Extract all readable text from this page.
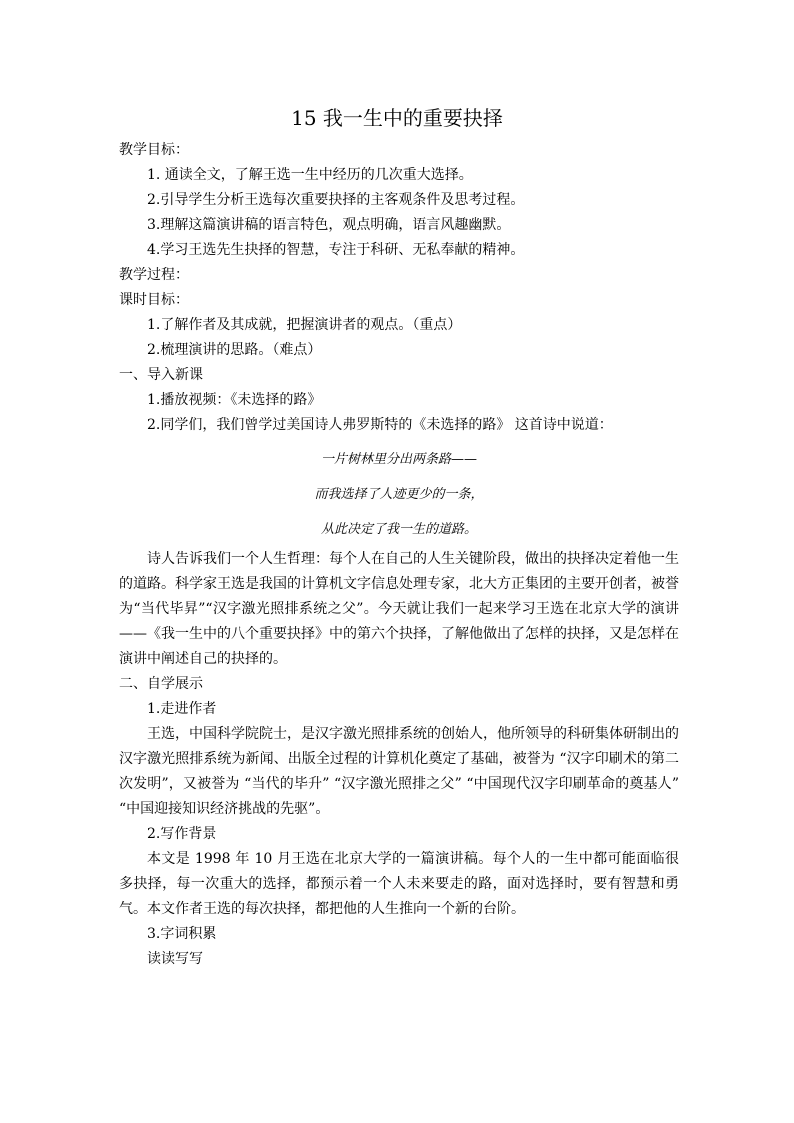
15 我一生中的重要抉择

教学目标：

1. 通读全文，了解王选一生中经历的几次重大选择。

2.引导学生分析王选每次重要抉择的主客观条件及思考过程。

3.理解这篇演讲稿的语言特色，观点明确，语言风趣幽默。

4.学习王选先生抉择的智慧，专注于科研、无私奉献的精神。

教学过程：

课时目标：

1.了解作者及其成就，把握演讲者的观点。（重点）

2.梳理演讲的思路。（难点）

一、导入新课

1.播放视频：《未选择的路》

2.同学们，我们曾学过美国诗人弗罗斯特的《未选择的路》 这首诗中说道：

一片树林里分出两条路——

而我选择了人迹更少的一条，

从此决定了我一生的道路。

诗人告诉我们一个人生哲理：每个人在自己的人生关键阶段，做出的抉择决定着他一生的道路。科学家王选是我国的计算机文字信息处理专家，北大方正集团的主要开创者，被誉为“当代毕昇”“汉字激光照排系统之父”。今天就让我们一起来学习王选在北京大学的演讲——《我一生中的八个重要抉择》中的第六个抉择，了解他做出了怎样的抉择，又是怎样在演讲中阐述自己的抉择的。

二、自学展示

1.走进作者

王选，中国科学院院士，是汉字激光照排系统的创始人，他所领导的科研集体研制出的汉字激光照排系统为新闻、出版全过程的计算机化奠定了基础，被誉为 “汉字印刷术的第二次发明”，又被誉为 “当代的毕升” “汉字激光照排之父” “中国现代汉字印刷革命的奠基人” “中国迎接知识经济挑战的先驱”。

2.写作背景

本文是 1998 年 10 月王选在北京大学的一篇演讲稿。每个人的一生中都可能面临很多抉择，每一次重大的选择，都预示着一个人未来要走的路，面对选择时，要有智慧和勇气。本文作者王选的每次抉择，都把他的人生推向一个新的台阶。

3.字词积累

读读写写
